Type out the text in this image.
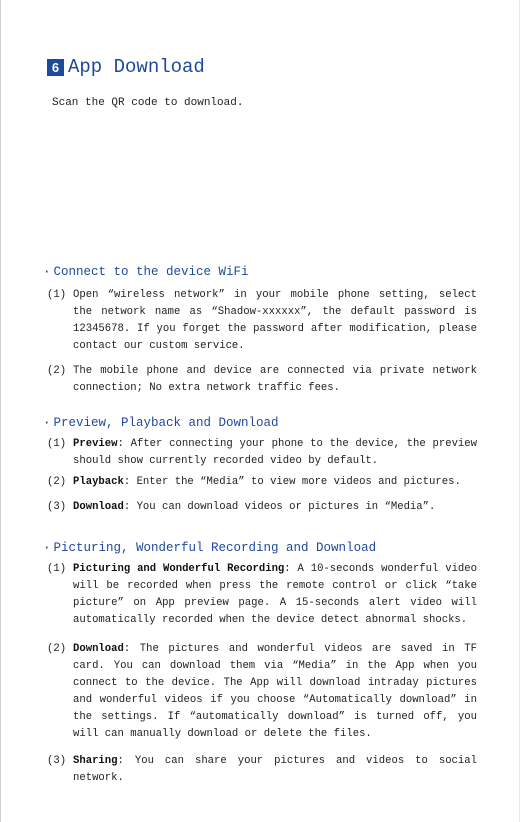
6 App Download
Scan the QR code to download.
· Connect to the device WiFi
(1) Open “wireless network” in your mobile phone setting, select the network name as “Shadow-xxxxxx”, the default password is 12345678. If you forget the password after modification, please contact our custom service.
(2) The mobile phone and device are connected via private network connection; No extra network traffic fees.
· Preview, Playback and Download
(1) Preview: After connecting your phone to the device, the preview should show currently recorded video by default.
(2) Playback: Enter the “Media” to view more videos and pictures.
(3) Download: You can download videos or pictures in “Media”.
· Picturing, Wonderful Recording and Download
(1) Picturing and Wonderful Recording: A 10-seconds wonderful video will be recorded when press the remote control or click “take picture” on App preview page. A 15-seconds alert video will automatically recorded when the device detect abnormal shocks.
(2) Download: The pictures and wonderful videos are saved in TF card. You can download them via “Media” in the App when you connect to the device. The App will download intraday pictures and wonderful videos if you choose “Automatically download” in the settings. If “automatically download” is turned off, you will can manually download or delete the files.
(3) Sharing: You can share your pictures and videos to social network.
